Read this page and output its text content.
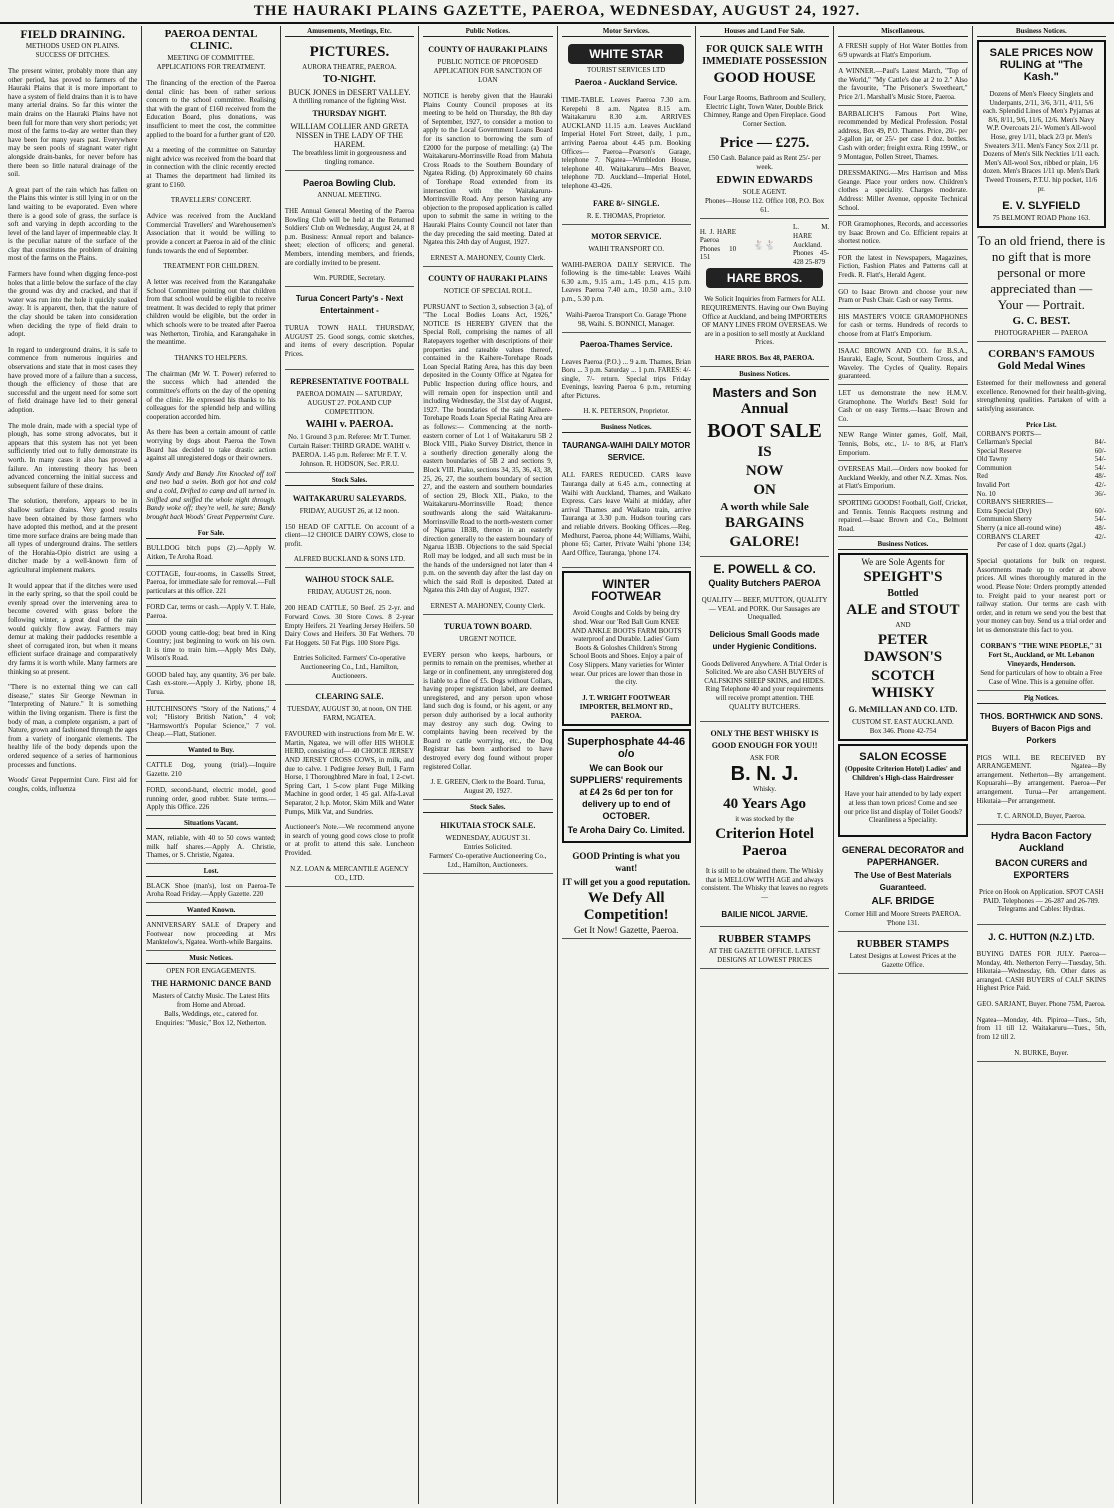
THE HAURAKI PLAINS GAZETTE, PAEROA, WEDNESDAY, AUGUST 24, 1927.
FIELD DRAINING.
METHODS USED ON PLAINS.
SUCCESS OF DITCHES.

The present winter, probably more than any other period, has proved to farmers of the Hauraki Plains that it is more important to have a system of field drains than it is to have many arterial drains. So far this winter the main drains on the Hauraki Plains have not been full for more than very short periods; yet most of the farms to-day are wetter than they have been for many years past. Everywhere may be seen pools of stagnant water right alongside drain-banks, for never before has there been so little natural drainage of the soil.

A great part of the rain which has fallen on the Plains this winter is still lying in or on the land waiting to be evaporated. Even where there is a good sole of grass, the surface is soft and varying in depth according to the level of the land layer of impermeable clay. It is the peculiar nature of the surface of the clay that constitutes the problem of draining most of the farms on the Plains.

Farmers have found when digging fence-post holes that a little below the surface of the clay the ground was dry and cracked, and that if water was run into the hole it quickly soaked away. It is apparent, then, that the nature of the clay should be taken into consideration when deciding the type of field drain to adopt.

In regard to underground drains, it is safe to commence from numerous inquiries and observations and state that in most cases they have proved more of a failure than a success, though the efficiency of those that are successful and the urgent need for some sort of field drainage have led to their general adoption.

The mole drain, made with a special type of plough, has some strong advocates, but it appears that this system has not yet been sufficiently tried out to fully demonstrate its worth. In many cases it also has proved a failure. An interesting theory has been advanced concerning the initial success and subsequent failure of these drains.

The solution, therefore, appears to be in shallow surface drains. Very good results have been obtained by those farmers who have adopted this method, and at the present time more surface drains are being made than all types of underground drains. The settlers of the Horahia-Opio district are using a ditcher made by a well-known firm of agricultural implement makers.

It would appear that if the ditches were used in the early spring, so that the spoil could be evenly spread over the intervening area to become covered with grass before the following winter, a great deal of the rain would quickly flow away. Farmers may demur at making their paddocks resemble a sheet of corrugated iron, but when it means efficient surface drainage and comparatively dry farms it is worth while. Many farmers are thinking so at present.

"There is no external thing we can call disease," states Sir George Newman in "Interpreting of Nature." It is something within the living organism. There is first the body of man, a complete organism, a part of Nature, grown and fashioned through the ages from a variety of inorganic elements. The healthy life of the body depends upon the ordered sequence of a series of harmonious processes and functions.

Woods' Great Peppermint Cure. First aid for coughs, colds, influenza

PAEROA DENTAL CLINIC.
MEETING OF COMMITTEE.
APPLICATIONS FOR TREATMENT.

The financing of the erection of the Paeroa dental clinic has been of rather serious concern to the school committee. Realising that with the grant of £160 received from the Education Board, plus donations, was insufficient to meet the cost, the committee applied to the board for a further grant of £20.

At a meeting of the committee on Saturday night advice was received from the board that in connection with the clinic recently erected at Thames the department had limited its grant to £160.

TRAVELLERS' CONCERT.

Advice was received from the Auckland Commercial Travellers' and Warehousemen's Association that it would be willing to provide a concert at Paeroa in aid of the clinic funds towards the end of September.

TREATMENT FOR CHILDREN.

A letter was received from the Karangahake School Committee pointing out that children from that school would be eligible to receive treatment. It was decided to reply that primer children would be eligible, but the order in which schools were to be treated after Paeroa was Netherton, Tirohia, and Karangahake in the meantime.

THANKS TO HELPERS.

The chairman (Mr W. T. Power) referred to the success which had attended the committee's efforts on the day of the opening of the clinic. He expressed his thanks to his colleagues for the splendid help and willing cooperation accorded him.

As there has been a certain amount of cattle worrying by dogs about Paeroa the Town Board has decided to take drastic action against all unregistered dogs or their owners.

Sandy Andy and Bandy Jim Knocked off toil and two had a swim. Both got hot and cold and a cold, Drifted to camp and all turned in. Sniffled and sniffed the whole night through. Bandy woke off; they're well, he sure; Bandy brought back Woods' Great Peppermint Cure.

For Sale.
BULLDOG bitch pups (2).—Apply W. Aitken, Te Aroha Road.
COTTAGE, four-rooms, in Cassells Street, Paeroa, for immediate sale for removal.—Full particulars at this office. 221
FORD Car, terms or cash.—Apply V. T. Hale, Paeroa.
GOOD young cattle-dog; beat bred in King Country; just beginning to work on his own. It is time to train him.—Apply Mrs Daly, Wilson's Road.
GOOD baled hay, any quantity, 3/6 per bale. Cash ex-store.—Apply J. Kirby, phone 18, Turua.
HUTCHINSON'S "Story of the Nations," 4 vol; "History British Nation," 4 vol; "Harmsworth's Popular Science," 7 vol. Cheap.—Flatt, Stationer.
Wanted to Buy.
CATTLE Dog, young (trial).—Inquire Gazette. 210
FORD, second-hand, electric model, good running order, good rubber. State terms.—Apply this Office. 226
Situations Vacant.
MAN, reliable, with 40 to 50 cows wanted; milk half shares.—Apply A. Christie, Thames, or S. Christie, Ngatea.
Lost.
BLACK Shoe (man's), lost on Paeroa-Te Aroha Road Friday.—Apply Gazette. 220
Wanted Known.
ANNIVERSARY SALE of Drapery and Footwear now proceeding at Mrs Manktelow's, Ngatea. Worth-while Bargains.
Music Notices.
OPEN FOR ENGAGEMENTS.
THE HARMONIC DANCE BAND
Masters of Catchy Music. The Latest Hits from Home and Abroad.
Balls, Weddings, etc., catered for.
Enquiries: "Music," Box 12, Netherton.
Amusements, Meetings, Etc.
PICTURES.
AURORA THEATRE, PAEROA.
TO-NIGHT.
BUCK JONES in DESERT VALLEY.
A thrilling romance of the fighting West.
THURSDAY NIGHT.
WILLIAM COLLIER AND GRETA NISSEN in THE LADY OF THE HAREM.
The breathless limit in gorgeousness and tingling romance.
Paeroa Bowling Club.
ANNUAL MEETING.

THE Annual General Meeting of the Paeroa Bowling Club will be held at the Returned Soldiers' Club on Wednesday, August 24, at 8 p.m. Business: Annual report and balance-sheet; election of officers; and general. Members, intending members, and friends, are cordially invited to be present.

Wm. PURDIE, Secretary.
Turua Concert Party's - Next Entertainment -

TURUA TOWN HALL THURSDAY, AUGUST 25. Good songs, comic sketches, and items of every description. Popular Prices.

REPRESENTATIVE FOOTBALL
PAEROA DOMAIN — SATURDAY, AUGUST 27. POLAND CUP COMPETITION.
WAIHI v. PAEROA.
No. 1 Ground 3 p.m. Referee: Mr T. Turner. Curtain Raiser: THIRD GRADE. WAIHI v. PAEROA. 1.45 p.m. Referee: Mr F. T. V. Johnson. R. HODSON, Sec. P.R.U.
Stock Sales.
WAITAKARURU SALEYARDS.
FRIDAY, AUGUST 26, at 12 noon.

150 HEAD OF CATTLE. On account of a client—12 CHOICE DAIRY COWS, close to profit.

ALFRED BUCKLAND & SONS LTD.
WAIHOU STOCK SALE.
FRIDAY, AUGUST 26, noon.

200 HEAD CATTLE, 50 Beef. 25 2-yr. and Forward Cows. 30 Store Cows. 8 2-year Empty Heifers. 21 Yearling Jersey Heifers. 50 Dairy Cows and Heifers. 30 Fat Wethers. 70 Fat Hoggets. 50 Fat Pigs. 100 Store Pigs.

Entries Solicited. Farmers' Co-operative Auctioneering Co., Ltd., Hamilton, Auctioneers.
CLEARING SALE.
TUESDAY, AUGUST 30, at noon, ON THE FARM, NGATEA.

FAVOURED with instructions from Mr E. W. Martin, Ngatea, we will offer HIS WHOLE HERD, consisting of— 40 CHOICE JERSEY AND JERSEY CROSS COWS, in milk, and due to calve. 1 Pedigree Jersey Bull, 1 Farm Horse, 1 Thoroughbred Mare in foal, 1 2-cwt. Spring Cart, 1 5-cow plant Fuge Milking Machine in good order, 1 45 gal. Alfa-Laval Separator, 2 h.p. Motor, Skim Milk and Water Pumps, Milk Vat, and Sundries.

Auctioneer's Note.—We recommend anyone in search of young good cows close to profit or at profit to attend this sale. Luncheon Provided.

N.Z. LOAN & MERCANTILE AGENCY CO., LTD.
Public Notices.
COUNTY OF HAURAKI PLAINS
PUBLIC NOTICE OF PROPOSED APPLICATION FOR SANCTION OF LOAN

NOTICE is hereby given that the Hauraki Plains County Council proposes at its meeting to be held on Thursday, the 8th day of September, 1927, to consider a motion to apply to the Local Government Loans Board for its sanction to borrowing the sum of £2000 for the purpose of metalling: (a) The Waitakaruru-Morrinsville Road from Mahuta Cross Roads to the Southern Boundary of Ngatea Riding. (b) Approximately 60 chains of Torehape Road extended from its intersection with the Waitakaruru-Morrinsville Road. Any person having any objection to the proposed application is called upon to submit the same in writing to the Hauraki Plains County Council not later than the day preceding the said meeting. Dated at Ngatea this 24th day of August, 1927.

ERNEST A. MAHONEY, County Clerk.
COUNTY OF HAURAKI PLAINS
NOTICE OF SPECIAL ROLL.

PURSUANT to Section 3, subsection 3 (a), of "The Local Bodies Loans Act, 1926," NOTICE IS HEREBY GIVEN that the Special Roll, comprising the names of all Ratepayers together with descriptions of their properties and rateable values thereof, contained in the Kaihere-Torehape Roads Loan Special Rating Area, has this day been deposited in the County Office at Ngatea for Public Inspection during office hours, and will remain open for inspection until and including Wednesday, the 31st day of August, 1927. The boundaries of the said Kaihere-Torehape Roads Loan Special Rating Area are as follows:— Commencing at the north-eastern corner of Lot 1 of Waitakaruru 5B 2 Block VIII., Piako Survey District, thence in a southerly direction generally along the eastern boundaries of 5B 2 and sections 9, Block VIII. Piako, sections 34, 35, 36, 43, 38, 25, 26, 27, the southern boundary of section 27, and the eastern and southern boundaries of section 29, Block XII., Piako, to the Waitakaruru-Morrinsville Road; thence southwards along the said Waitakaruru-Morrinsville Road to the north-western corner of Ngarua 1B3B, thence in an easterly direction generally to the eastern boundary of Ngarua 1B3B. Objections to the said Special Roll may be lodged, and all such must be in the hands of the undersigned not later than 4 p.m. on the seventh day after the last day on which the said Roll is deposited. Dated at Ngatea this 24th day of August, 1927.

ERNEST A. MAHONEY, County Clerk.
TURUA TOWN BOARD.
URGENT NOTICE.

EVERY person who keeps, harbours, or permits to remain on the premises, whether at large or in confinement, any unregistered dog is liable to a fine of £5. Dogs without Collars, having proper registration label, are deemed unregistered, and any person upon whose land such dog is found, or his agent, or any person duly authorised by a local authority may destroy any such dog. Owing to complaints having been received by the Board re cattle worrying, etc., the Dog Registrar has been authorised to have destroyed every dog found without proper registered Collar.

J. E. GREEN, Clerk to the Board. Turua, August 20, 1927.
Stock Sales.
HIKUTAIA STOCK SALE.
WEDNESDAY, AUGUST 31.
Entries Solicited.
Farmers' Co-operative Auctioneering Co., Ltd., Hamilton, Auctioneers.
Motor Services.
WHITE STAR
TOURIST SERVICES LTD
Paeroa - Auckland Service.

TIME-TABLE. Leaves Paeroa 7.30 a.m. Kerepehi 8 a.m. Ngatea 8.15 a.m. Waitakaruru 8.30 a.m. ARRIVES AUCKLAND 11.15 a.m. Leaves Auckland Imperial Hotel Fort Street, daily, 1 p.m., arriving Paeroa about 4.45 p.m. Booking Offices— Paeroa—Pearson's Garage, telephone 7. Ngatea—Wimbledon House, telephone 40. Waitakaruru—Mrs Beaver, telephone 7D. Auckland—Imperial Hotel, telephone 43-426.

FARE 8/- SINGLE.
R. E. THOMAS, Proprietor.
MOTOR SERVICE.
WAIHI TRANSPORT CO.

WAIHI-PAEROA DAILY SERVICE. The following is the time-table: Leaves Waihi 6.30 a.m., 9.15 a.m., 1.45 p.m., 4.15 p.m. Leaves Paeroa 7.40 a.m., 10.50 a.m., 3.10 p.m., 5.30 p.m.

Waihi-Paeroa Transport Co. Garage 'Phone 98, Waihi. S. BONNICI, Manager.
Paeroa-Thames Service.

Leaves Paeroa (P.O.) ... 9 a.m. Thames, Brian Boru ... 3 p.m. Saturday ... 1 p.m. FARES: 4/- single, 7/- return. Special trips Friday Evenings, leaving Paeroa 6 p.m., returning after Pictures.

H. K. PETERSON, Proprietor.
Business Notices.
TAURANGA-WAIHI DAILY MOTOR SERVICE.

ALL FARES REDUCED. CARS leave Tauranga daily at 6.45 a.m., connecting at Waihi with Auckland, Thames, and Waikato Express. Cars leave Waihi at midday, after arrival Thames and Waikato train, arrive Tauranga at 3.30 p.m. Hudson touring cars and reliable drivers. Booking Offices.—Reg. Medhurst, Paeroa, phone 44; Williams, Waihi, phone 65; Carter, Private Waihi 'phone 134; Aard Office, Tauranga, 'phone 174.

WINTER FOOTWEAR

Avoid Coughs and Colds by being dry shod. Wear our 'Red Ball Gum KNEE AND ANKLE BOOTS FARM BOOTS waterproof and Durable. Ladies' Gum Boots & Goloshes Children's Strong School Boots and Shoes. Enjoy a pair of Cosy Slippers. Many varieties for Winter wear. Our prices are lower than those in the city.

J. T. WRIGHT FOOTWEAR IMPORTER, BELMONT RD., PAEROA.
Superphosphate 44-46 o/o
We can Book our SUPPLIERS' requirements at £4 2s 6d per ton for delivery up to end of OCTOBER.
Te Aroha Dairy Co. Limited.
GOOD Printing is what you want!
IT will get you a good reputation.
We Defy All Competition!
Get It Now! Gazette, Paeroa.
Houses and Land For Sale.
FOR QUICK SALE WITH IMMEDIATE POSSESSION
GOOD HOUSE

Four Large Rooms, Bathroom and Scullery, Electric Light, Town Water, Double Brick Chimney, Range and Open Fireplace. Good Corner Section.

Price — £275.
£50 Cash. Balance paid as Rent 25/- per week.
EDWIN EDWARDS
SOLE AGENT.
Phones—House 112. Office 108, P.O. Box 61.
H. J. HARE Paeroa Phones 10 151
🐇🐇
L. M. HARE Auckland. Phones 45-428 25-879
HARE BROS.

We Solicit Inquiries from Farmers for ALL REQUIREMENTS. Having our Own Buying Office at Auckland, and being IMPORTERS OF MANY LINES FROM OVERSEAS. We are in a position to sell mostly at Auckland Prices.

HARE BROS. Box 48, PAEROA.
Business Notices.
Masters and Son
Annual
BOOT SALE
IS
NOW
ON
A worth while Sale
BARGAINS
GALORE!
E. POWELL & CO.
Quality Butchers PAEROA

QUALITY — BEEF, MUTTON, QUALITY — VEAL and PORK. Our Sausages are Unequalled.

Delicious Small Goods made under Hygienic Conditions.

Goods Delivered Anywhere. A Trial Order is Solicited. We are also CASH BUYERS of CALFSKINS SHEEP SKINS, and HIDES. Ring Telephone 40 and your requirements will receive prompt attention. THE QUALITY BUTCHERS.

ONLY THE BEST WHISKY IS GOOD ENOUGH FOR YOU!!
ASK FOR
B. N. J.
Whisky.
40 Years Ago
it was stocked by the
Criterion Hotel Paeroa

It is still to be obtained there. The Whisky that is MELLOW WITH AGE and always consistent. The Whisky that leaves no regrets—

BAILIE NICOL JARVIE.
RUBBER STAMPS
AT THE GAZETTE OFFICE. LATEST DESIGNS AT LOWEST PRICES
Miscellaneous.
A FRESH supply of Hot Water Bottles from 6/9 upwards at Flatt's Emporium.
A WINNER.—Paul's Latest March, "Top of the World," "My Cattle's due at 2 to 2." Also the favourite, "The Prisoner's Sweetheart," Price 2/1. Marshall's Music Store, Paeroa.
BARBALICH'S Famous Port Wine, recommended by Medical Profession. Postal address, Box 49, P.O. Thames. Price, 20/- per 2-gallon jar, or 25/- per case 1 doz. bottles. Cash with order; freight extra. Ring 199W., or 9 Montague, Pollen Street, Thames.
DRESSMAKING.—Mrs Harrison and Miss Geange. Place your orders now. Children's clothes a speciality. Charges moderate. Address: Miller Avenue, opposite Technical School.
FOR Gramophones, Records, and accessories try Isaac Brown and Co. Efficient repairs at shortest notice.
FOR the latest in Newspapers, Magazines, Fiction, Fashion Plates and Patterns call at Fredk. R. Flatt's, Herald Agent.
GO to Isaac Brown and choose your new Pram or Push Chair. Cash or easy Terms.
HIS MASTER'S VOICE GRAMOPHONES for cash or terms. Hundreds of records to choose from at Flatt's Emporium.
ISAAC BROWN AND CO. for B.S.A., Hauraki, Eagle, Scout, Southern Cross, and Waveley. The Cycles of Quality. Repairs guaranteed.
LET us demonstrate the new H.M.V. Gramophone. The World's Best! Sold for Cash or on easy Terms.—Isaac Brown and Co.
NEW Range Winter games, Golf, Mail, Tennis, Bobs, etc., 1/- to 8/6, at Flatt's Emporium.
OVERSEAS Mail.—Orders now booked for Auckland Weekly, and other N.Z. Xmas. Nos. at Flatt's Emporium.
SPORTING GOODS! Football, Golf, Cricket, and Tennis. Tennis Racquets restrung and repaired.—Isaac Brown and Co., Belmont Road.
Business Notices.
We are Sole Agents for
SPEIGHT'S
Bottled
ALE and STOUT
AND
PETER DAWSON'S
SCOTCH WHISKY
G. McMILLAN AND CO. LTD.
CUSTOM ST. EAST AUCKLAND.
Box 346. Phone 42-754
SALON ECOSSE
(Opposite Criterion Hotel) Ladies' and Children's High-class Hairdresser

Have your hair attended to by lady expert at less than town prices! Come and see our price list and display of Toilet Goods? Cleanliness a Speciality.

GENERAL DECORATOR and PAPERHANGER.
The Use of Best Materials Guaranteed.
ALF. BRIDGE
Corner Hill and Moore Streets PAEROA. 'Phone 131.
RUBBER STAMPS
Latest Designs at Lowest Prices at the Gazette Office.
Business Notices.
SALE PRICES NOW RULING at "The Kash."

Dozens of Men's Fleecy Singlets and Underpants, 2/11, 3/6, 3/11, 4/11, 5/6 each. Splendid Lines of Men's Pyjamas at 8/6, 8/11, 9/6, 11/6, 12/6. Men's Navy W.P. Overcoats 21/- Women's All-wool Hose, grey 1/11, black 2/3 pr. Men's Sweaters 3/11. Men's Fancy Sox 2/11 pr. Dozens of Men's Silk Neckties 1/11 each. Men's All-wool Sox, ribbed or plain, 1/6 dozen. Men's Braces 1/11 up. Men's Dark Tweed Trousers, P.T.U. hip pocket, 11/6 pr.

E. V. SLYFIELD
75 BELMONT ROAD Phone 163.
To an old friend, there is no gift that is more personal or more appreciated than — Your — Portrait.
G. C. BEST.
PHOTOGRAPHER — PAEROA
CORBAN'S FAMOUS Gold Medal Wines

Esteemed for their mellowness and general excellence. Renowned for their health-giving, strengthening qualities. Partaken of with a satisfying assurance.

Price List.
CORBAN'S PORTS—
Cellarman's Special	84/-
Special Reserve	60/-
Old Tawny	54/-
Communion	54/-
Red	48/-
Invalid Port	42/-
No. 10	36/-
CORBAN'S SHERRIES—
Extra Special (Dry)	60/-
Communion Sherry	54/-
Sherry (a nice all-round wine)	48/-
CORBAN'S CLARET	42/-
Per case of 1 doz. quarts (2gal.)

Special quotations for bulk on request. Assortments made up to order at above prices. All wines thoroughly matured in the wood. Please Note: Orders promptly attended to. Freight paid to your nearest port or railway station. Our terms are cash with order, and in return we send you the best that your money can buy. Send us a trial order and let us demonstrate this fact to you.

CORBAN'S "THE WINE PEOPLE," 31 Fort St., Auckland, or Mt. Lebanon Vineyards, Henderson.
Send for particulars of how to obtain a Free Case of Wine. This is a genuine offer.
Pig Notices.
THOS. BORTHWICK AND SONS. Buyers of Bacon Pigs and Porkers

PIGS WILL BE RECEIVED BY ARRANGEMENT. Ngatea—By arrangement. Netherton—By arrangement. Kopuarahi—By arrangement. Paeroa—Per arrangement. Turua—Per arrangement. Hikutaia—Per arrangement.

T. C. ARNOLD, Buyer, Paeroa.
Hydra Bacon Factory Auckland
BACON CURERS and EXPORTERS

Price on Hook on Application. SPOT CASH PAID. Telephones — 26-287 and 26-789. Telegrams and Cables: Hydras.

J. C. HUTTON (N.Z.) LTD.

BUYING DATES FOR JULY. Paeroa—Monday, 4th. Netherton Ferry—Tuesday, 5th. Hikutaia—Wednesday, 6th. Other dates as arranged. CASH BUYERS of CALF SKINS Highest Price Paid.

GEO. SARJANT, Buyer. Phone 75M, Paeroa.

Ngatea—Monday, 4th. Pipiroa—Tues., 5th, from 11 till 12. Waitakaruru—Tues., 5th, from 12 till 2.

N. BURKE, Buyer.
